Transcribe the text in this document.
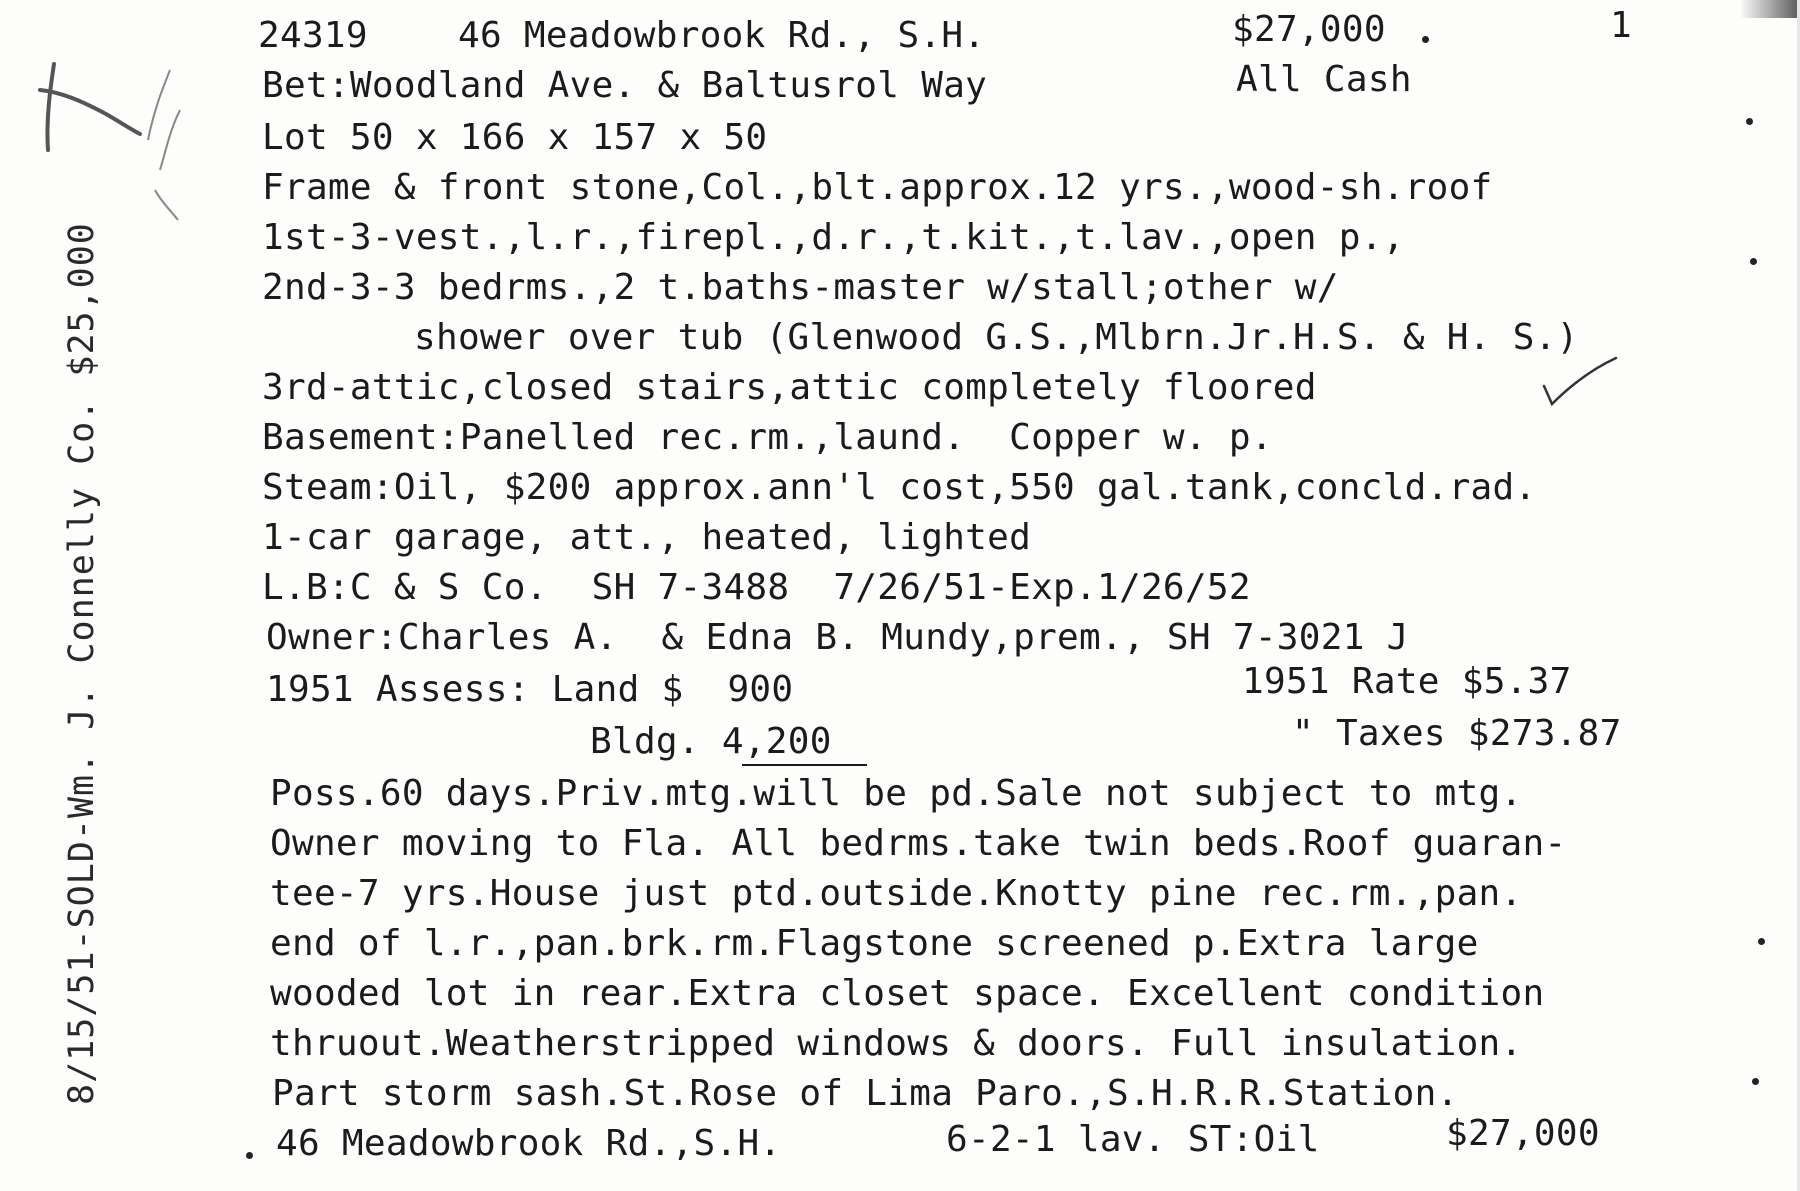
8/15/51-SOLD-Wm. J. Connelly Co. $25,000
24319	46 Meadowbrook Rd., S.H.	$27,000	1
Bet:Woodland Ave. & Baltusrol Way	All Cash
Lot 50 x 166 x 157 x 50
Frame & front stone,Col.,blt.approx.12 yrs.,wood-sh.roof
1st-3-vest.,l.r.,firepl.,d.r.,t.kit.,t.lav.,open p.,
2nd-3-3 bedrms.,2 t.baths-master w/stall;other w/
shower over tub (Glenwood G.S.,Mlbrn.Jr.H.S. & H. S.)
3rd-attic,closed stairs,attic completely floored
Basement:Panelled rec.rm.,laund.  Copper w. p.
Steam:Oil, $200 approx.ann'l cost,550 gal.tank,concld.rad.
1-car garage, att., heated, lighted
L.B:C & S Co.  SH 7-3488  7/26/51-Exp.1/26/52
Owner:Charles A.  & Edna B. Mundy,prem., SH 7-3021 J
1951 Assess: Land $  900	1951 Rate $5.37
Bldg. 4,200	" Taxes $273.87
Poss.60 days.Priv.mtg.will be pd.Sale not subject to mtg.
Owner moving to Fla. All bedrms.take twin beds.Roof guaran-
tee-7 yrs.House just ptd.outside.Knotty pine rec.rm.,pan.
end of l.r.,pan.brk.rm.Flagstone screened p.Extra large
wooded lot in rear.Extra closet space. Excellent condition
thruout.Weatherstripped windows & doors. Full insulation.
Part storm sash.St.Rose of Lima Paro.,S.H.R.R.Station.
46 Meadowbrook Rd.,S.H.	6-2-1 lav. ST:Oil	$27,000
